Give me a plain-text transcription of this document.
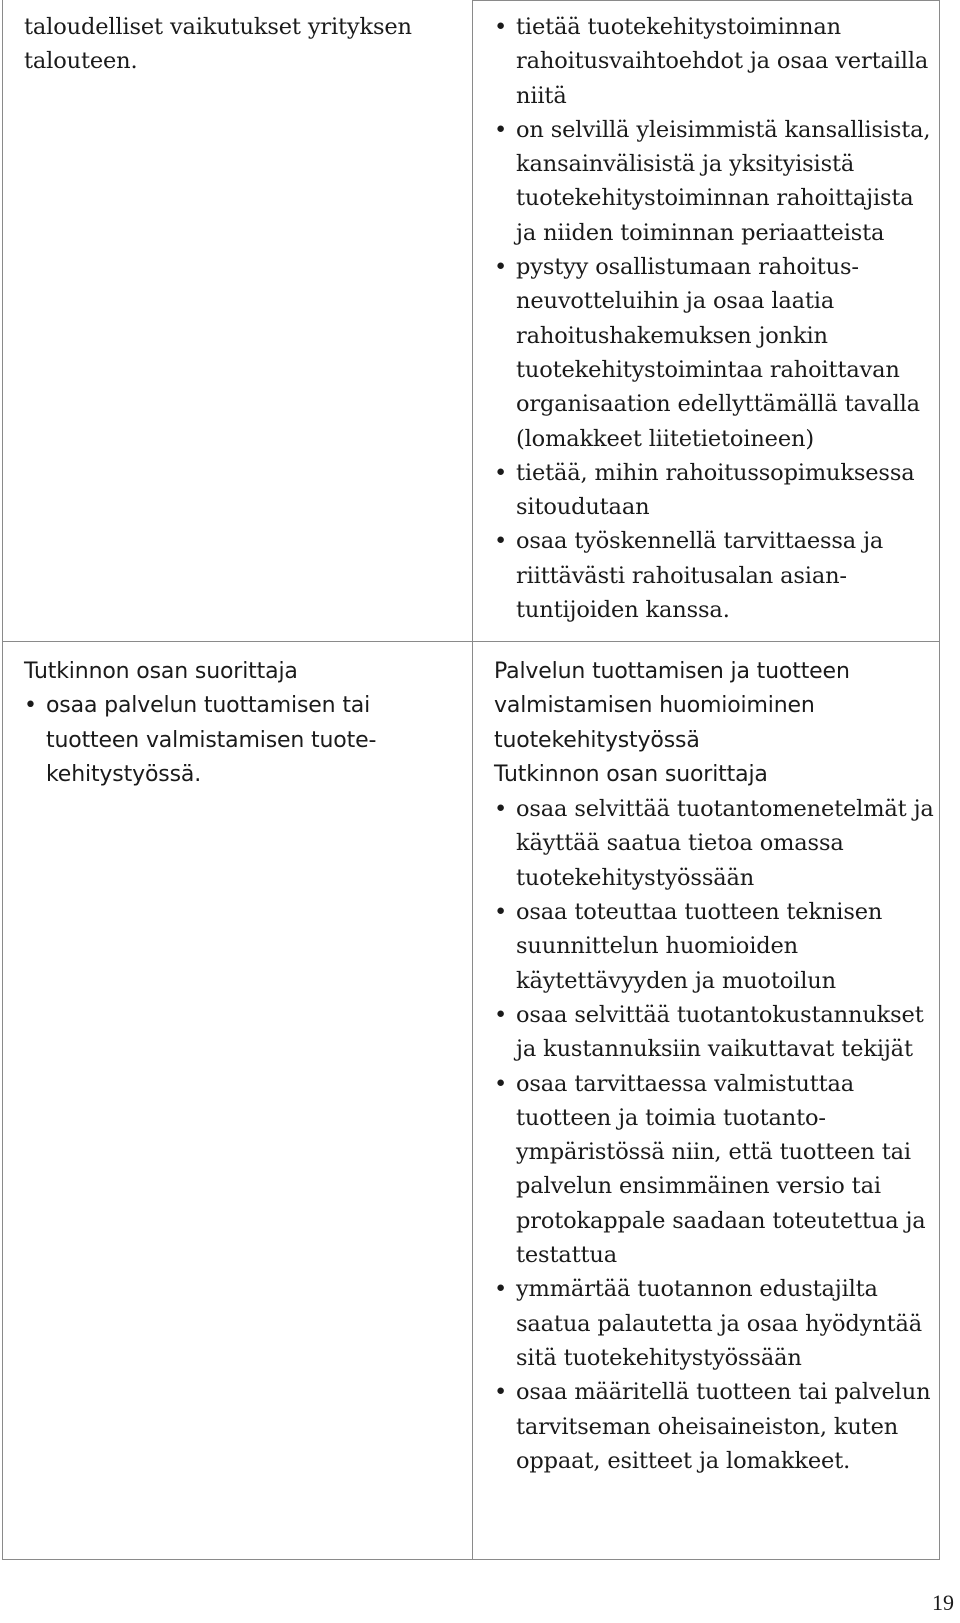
taloudelliset vaikutukset yrityksen
talouteen.

• tietää tuotekehitystoiminnan
rahoitusvaihtoehdot ja osaa vertailla
niitä
• on selvillä yleisimmistä kansallisista,
kansainvälisistä ja yksityisistä
tuotekehitystoiminnan rahoittajista
ja niiden toiminnan periaatteista
• pystyy osallistumaan rahoitus-
neuvotteluihin ja osaa laatia
rahoitushakemuksen jonkin
tuotekehitystoimintaa rahoittavan
organisaation edellyttämällä tavalla
(lomakkeet liitetietoineen)
• tietää, mihin rahoitussopimuksessa
sitoudutaan
• osaa työskennellä tarvittaessa ja
riittävästi rahoitusalan asian-
tuntijoiden kanssa.

Tutkinnon osan suorittaja

• osaa palvelun tuottamisen tai
tuotteen valmistamisen tuote-
kehitystyössä.

Palvelun tuottamisen ja tuotteen
valmistamisen huomioiminen
tuotekehitystyössä

Tutkinnon osan suorittaja

• osaa selvittää tuotantomenetelmät ja
käyttää saatua tietoa omassa
tuotekehitystyössään
• osaa toteuttaa tuotteen teknisen
suunnittelun huomioiden
käytettävyyden ja muotoilun
• osaa selvittää tuotantokustannukset
ja kustannuksiin vaikuttavat tekijät
• osaa tarvittaessa valmistuttaa
tuotteen ja toimia tuotanto-
ympäristössä niin, että tuotteen tai
palvelun ensimmäinen versio tai
protokappale saadaan toteutettua ja
testattua
• ymmärtää tuotannon edustajilta
saatua palautetta ja osaa hyödyntää
sitä tuotekehitystyössään
• osaa määritellä tuotteen tai palvelun
tarvitseman oheisaineiston, kuten
oppaat, esitteet ja lomakkeet.
19
